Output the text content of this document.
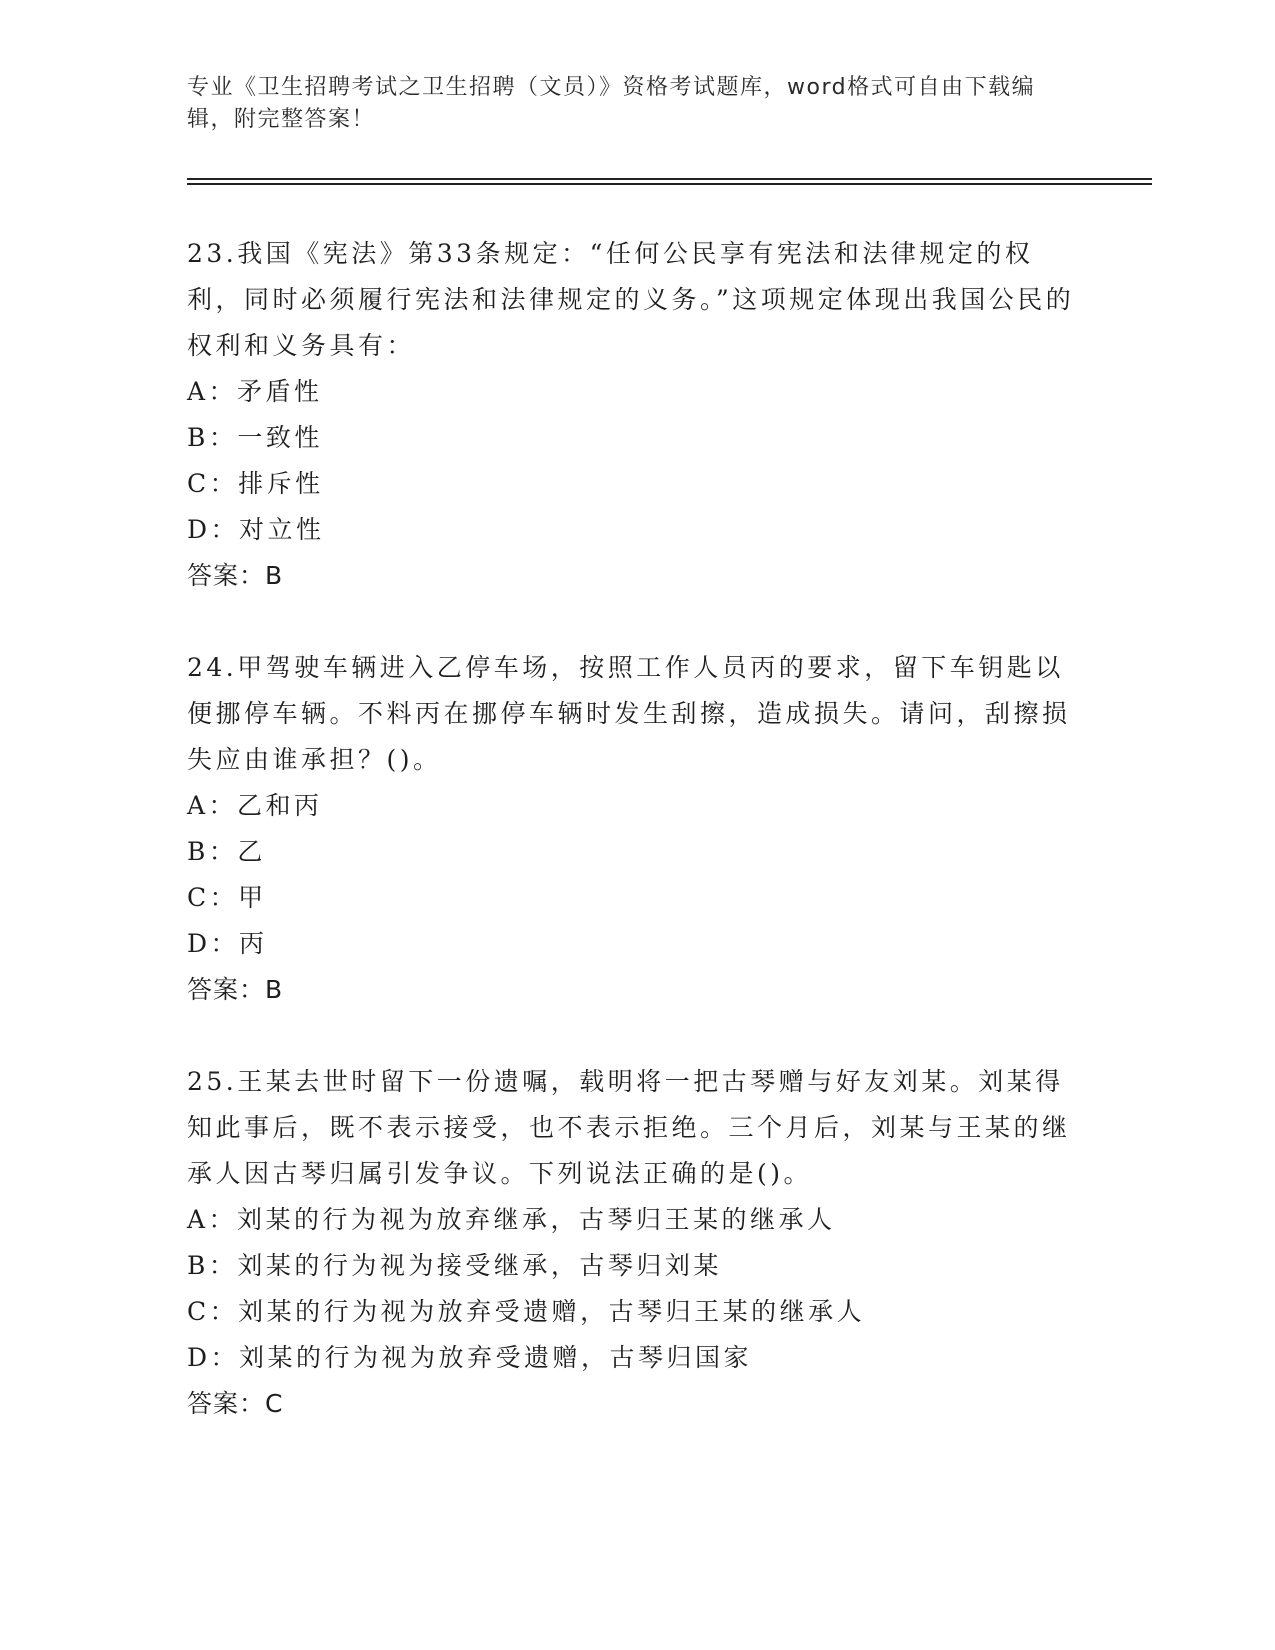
专业《卫生招聘考试之卫生招聘（文员）》资格考试题库，word格式可自由下载编辑，附完整答案！
23.我国《宪法》第33条规定：“任何公民享有宪法和法律规定的权利，同时必须履行宪法和法律规定的义务。”这项规定体现出我国公民的权利和义务具有：
A：矛盾性
B：一致性
C：排斥性
D：对立性
答案：B
24.甲驾驶车辆进入乙停车场，按照工作人员丙的要求，留下车钥匙以便挪停车辆。不料丙在挪停车辆时发生刮擦，造成损失。请问，刮擦损失应由谁承担？()。
A：乙和丙
B：乙
C：甲
D：丙
答案：B
25.王某去世时留下一份遗嘱，载明将一把古琴赠与好友刘某。刘某得知此事后，既不表示接受，也不表示拒绝。三个月后，刘某与王某的继承人因古琴归属引发争议。下列说法正确的是()。
A：刘某的行为视为放弃继承，古琴归王某的继承人
B：刘某的行为视为接受继承，古琴归刘某
C：刘某的行为视为放弃受遗赠，古琴归王某的继承人
D：刘某的行为视为放弃受遗赠，古琴归国家
答案：C
